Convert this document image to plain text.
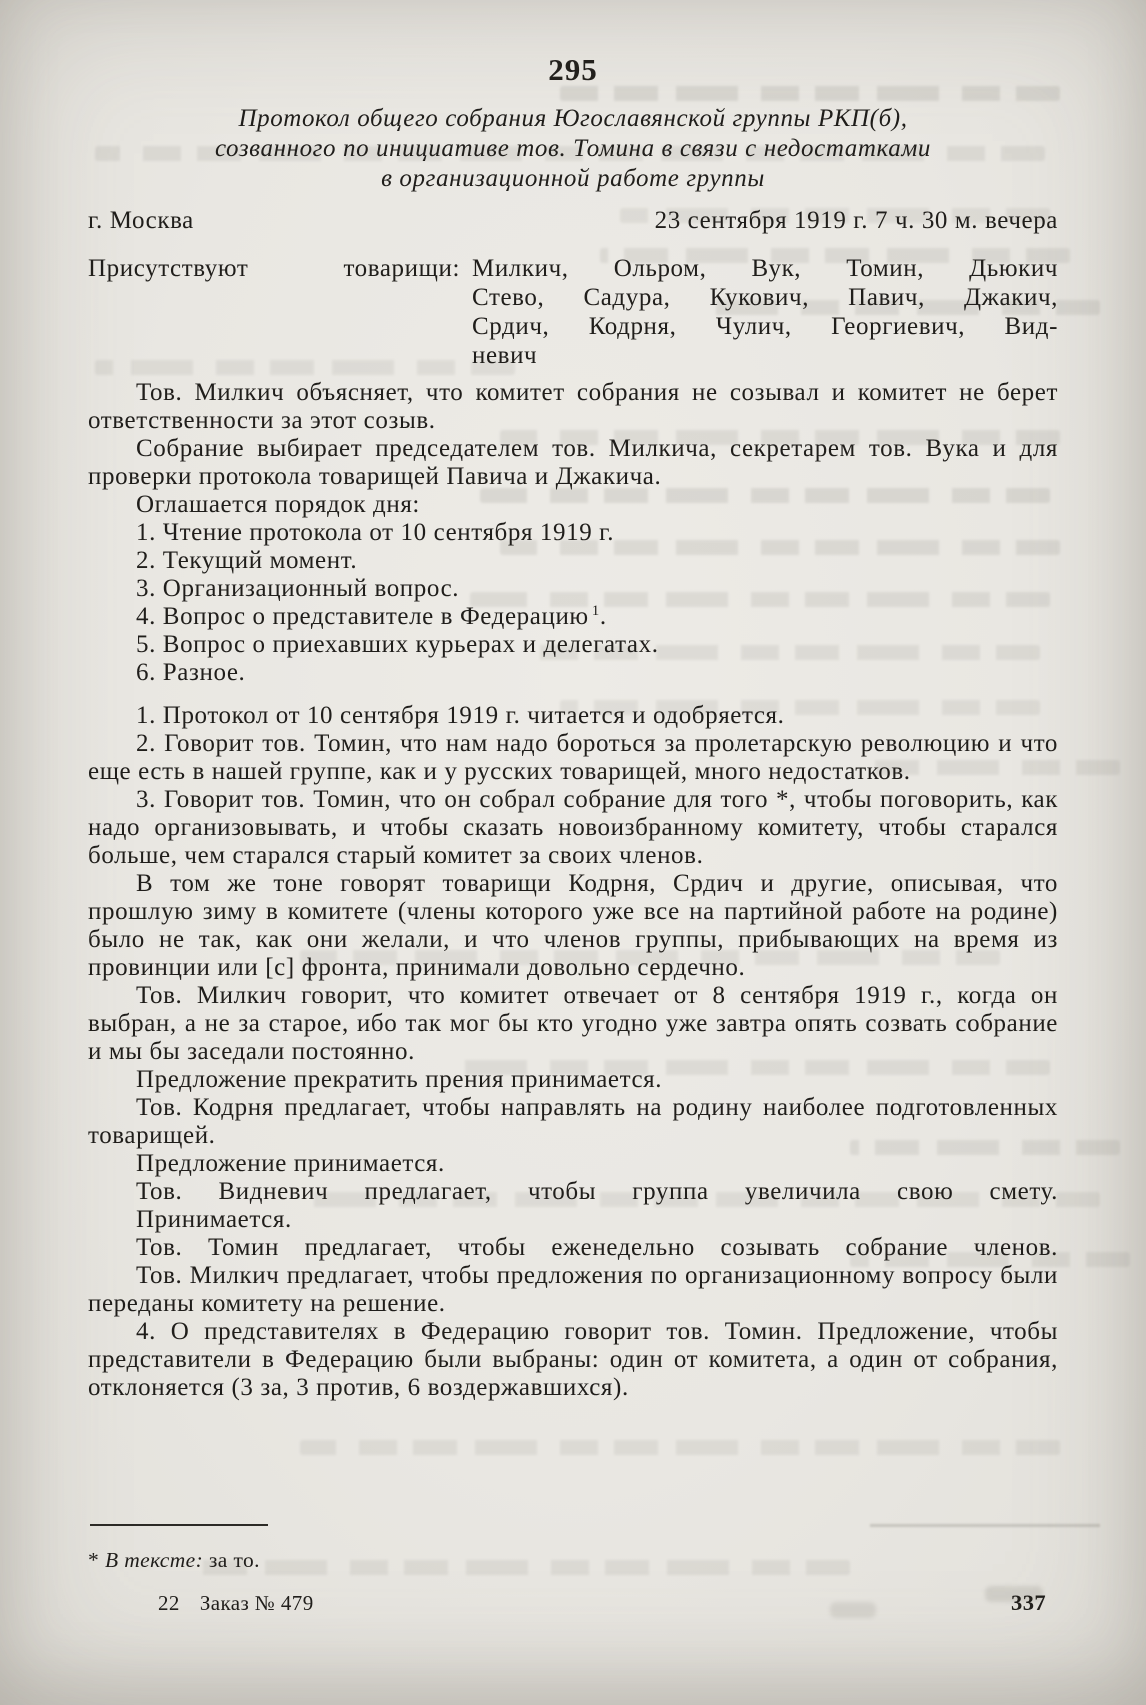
295
Протокол общего собрания Югославянской группы РКП(б),
созванного по инициативе тов. Томина в связи с недостатками
в организационной работе группы
г. Москва	23 сентября 1919 г. 7 ч. 30 м. вечера
Присутствуют товарищи: Милкич, Ольром, Вук, Томин, Дьюкич
Стево, Садура, Кукович, Павич, Джакич,
Срдич, Кодрня, Чулич, Георгиевич, Вид-
невич

Тов. Милкич объясняет, что комитет собрания не созывал и комитет не берет ответственности за этот созыв.

Собрание выбирает председателем тов. Милкича, секретарем тов. Вука и для проверки протокола товарищей Павича и Джакича.

Оглашается порядок дня:

1. Чтение протокола от 10 сентября 1919 г.
2. Текущий момент.
3. Организационный вопрос.
4. Вопрос о представителе в Федерацию $^1$.
5. Вопрос о приехавших курьерах и делегатах.
6. Разное.

1. Протокол от 10 сентября 1919 г. читается и одобряется.

2. Говорит тов. Томин, что нам надо бороться за пролетарскую революцию и что еще есть в нашей группе, как и у русских товарищей, много недостатков.

3. Говорит тов. Томин, что он собрал собрание для того *, чтобы поговорить, как надо организовывать, и чтобы сказать новоизбранному комитету, чтобы старался больше, чем старался старый комитет за своих членов.

В том же тоне говорят товарищи Кодрня, Срдич и другие, описывая, что прошлую зиму в комитете (члены которого уже все на партийной работе на родине) было не так, как они желали, и что членов группы, прибывающих на время из провинции или [с] фронта, принимали довольно сердечно.

Тов. Милкич говорит, что комитет отвечает от 8 сентября 1919 г., когда он выбран, а не за старое, ибо так мог бы кто угодно уже завтра опять созвать собрание и мы бы заседали постоянно.

Предложение прекратить прения принимается.

Тов. Кодрня предлагает, чтобы направлять на родину наиболее подготовленных товарищей.

Предложение принимается.

Тов. Видневич предлагает, чтобы группа увеличила свою смету.

Принимается.

Тов. Томин предлагает, чтобы еженедельно созывать собрание членов.

Тов. Милкич предлагает, чтобы предложения по организационному вопросу были переданы комитету на решение.

4. О представителях в Федерацию говорит тов. Томин. Предложение, чтобы представители в Федерацию были выбраны: один от комитета, а один от собрания, отклоняется (3 за, 3 против, 6 воздержавшихся).

* В тексте: за то.
22 Заказ № 479	337
